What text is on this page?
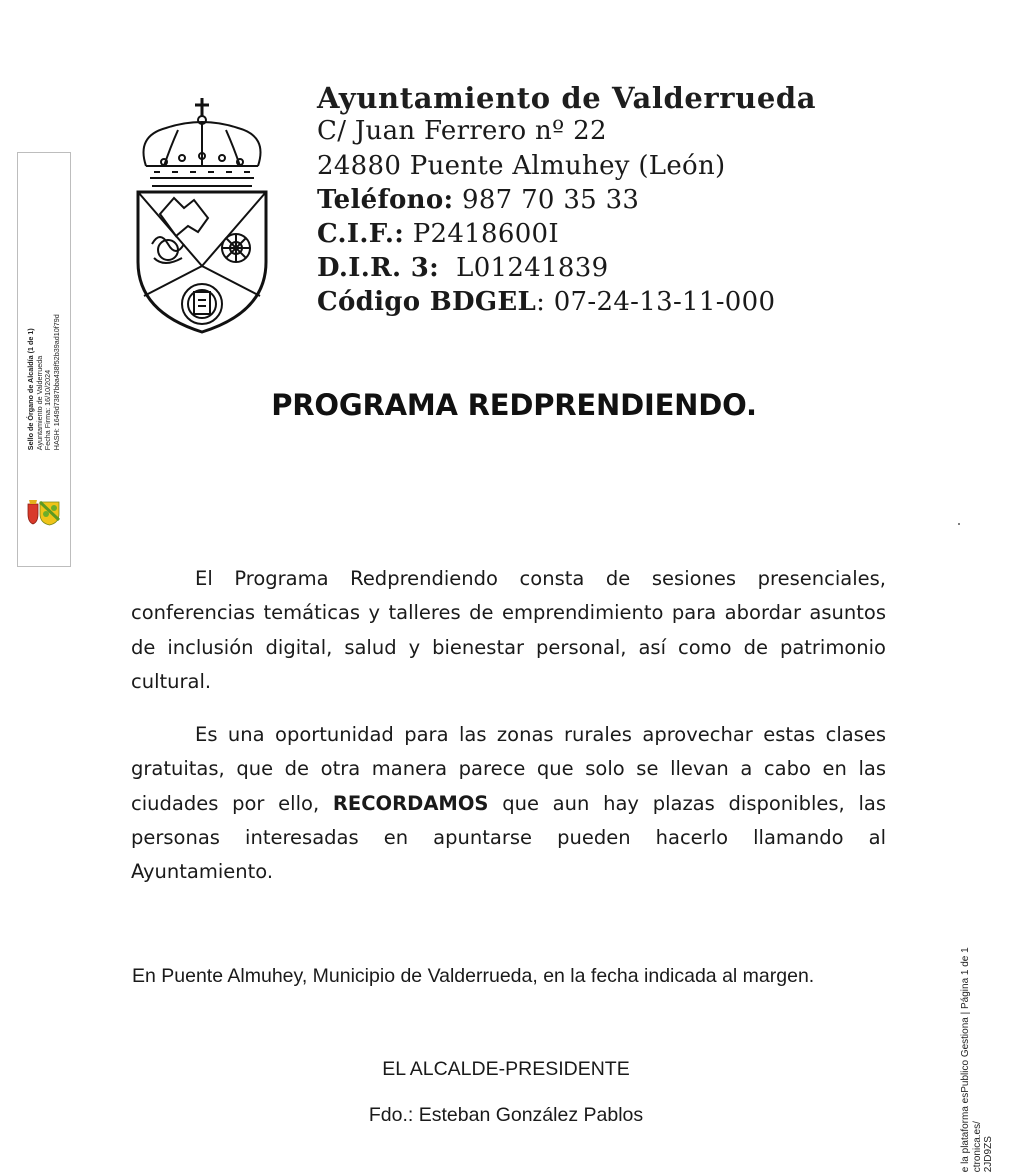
Sello de Órgano de Alcaldía (1 de 1) Ayuntamiento de Valderrueda Fecha Firma: 16/10/2024 HASH: 1649d7387bba438f52b39ad10f79d
Ayuntamiento de Valderrueda
C/ Juan Ferrero nº 22
24880 Puente Almuhey (León)
Teléfono: 987 70 35 33
C.I.F.: P2418600I
D.I.R. 3: L01241839
Código BDGEL: 07-24-13-11-000
PROGRAMA REDPRENDIENDO.
El Programa Redprendiendo consta de sesiones presenciales, conferencias temáticas y talleres de emprendimiento para abordar asuntos de inclusión digital, salud y bienestar personal, así como de patrimonio cultural.
Es una oportunidad para las zonas rurales aprovechar estas clases gratuitas, que de otra manera parece que solo se llevan a cabo en las ciudades por ello, RECORDAMOS que aun hay plazas disponibles, las personas interesadas en apuntarse pueden hacerlo llamando al Ayuntamiento.
En Puente Almuhey, Municipio de Valderrueda, en la fecha indicada al margen.
EL ALCALDE-PRESIDENTE
Fdo.: Esteban González Pablos	e la plataforma esPublico Gestiona | Página 1 de 1 ctronica.es/ 2JD9ZS
